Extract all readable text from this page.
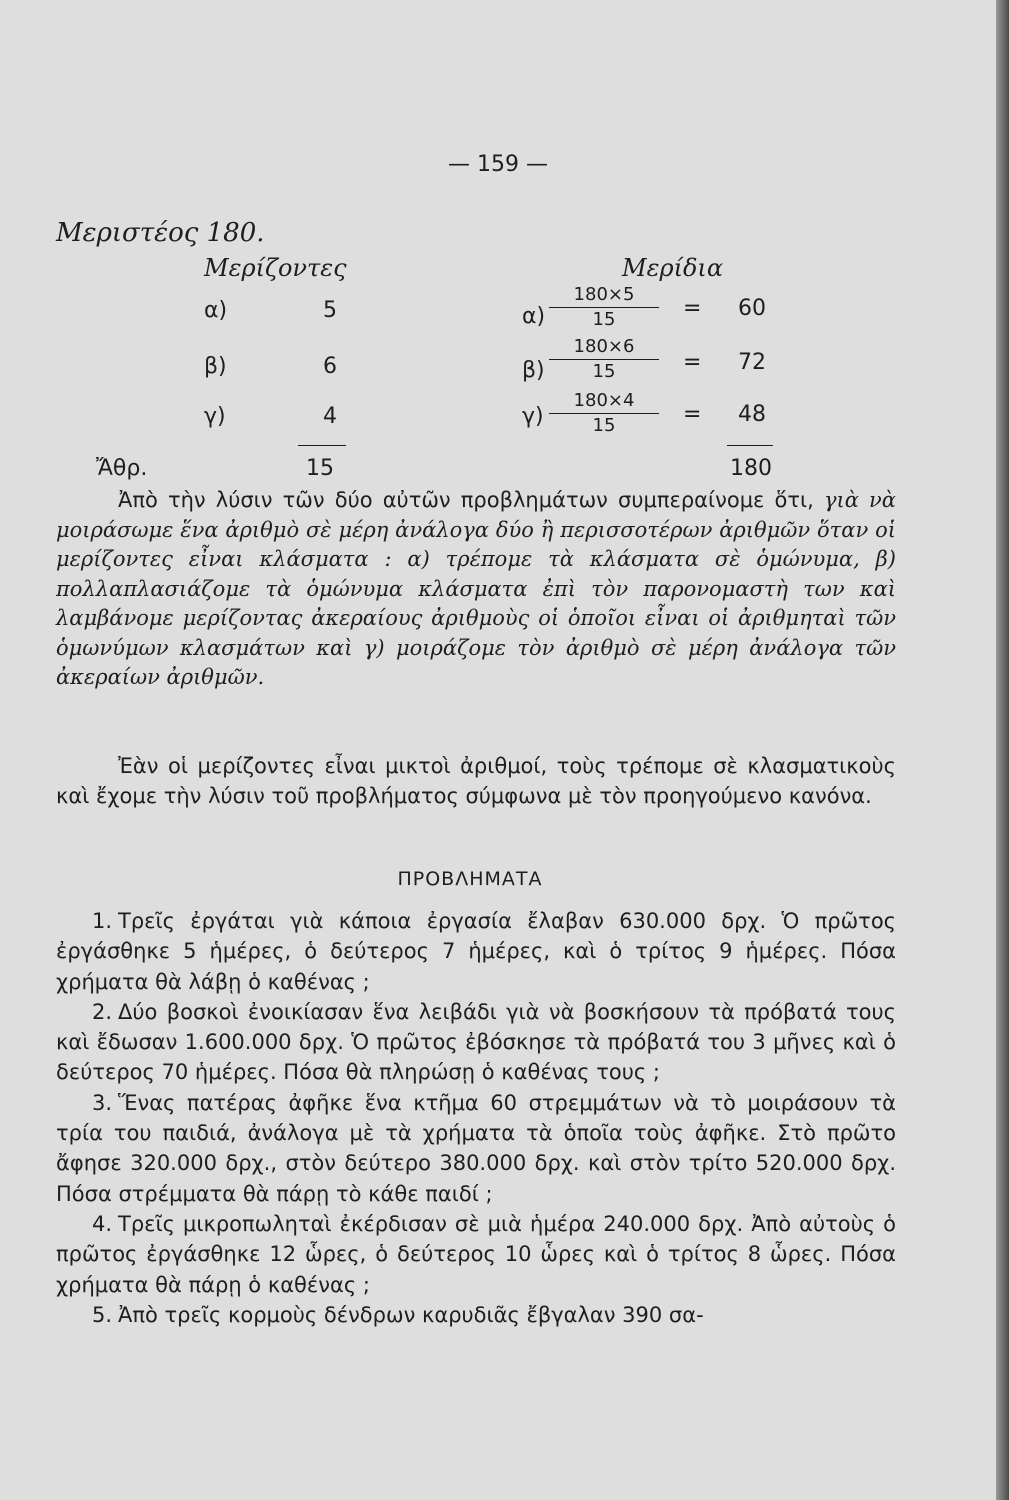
— 159 —
Μεριστέος 180.
Μερίζοντες	Μερίδια
α)	5	$\alpha) \frac{180\times 5}{15} = 60$
β)	6	$\beta) \frac{180\times 6}{15} = 72$
γ)	4	$\gamma) \frac{180\times 4}{15} = 48$
Ἄθρ.	15	180
Ἀπὸ τὴν λύσιν τῶν δύο αὐτῶν προβλημάτων συμπεραίνομε ὅτι, γιὰ νὰ μοιράσωμε ἕνα ἀριθμὸ σὲ μέρη ἀνάλογα δύο ἢ περισσοτέρων ἀριθμῶν ὅταν οἱ μερίζοντες εἶναι κλάσματα : α) τρέπομε τὰ κλάσματα σὲ ὁμώνυμα, β) πολλαπλασιάζομε τὰ ὁμώνυμα κλάσματα ἐπὶ τὸν παρονομαστὴ των καὶ λαμβάνομε μερίζοντας ἀκεραίους ἀριθμοὺς οἱ ὁποῖοι εἶναι οἱ ἀριθμηταὶ τῶν ὁμωνύμων κλασμάτων καὶ γ) μοιράζομε τὸν ἀριθμὸ σὲ μέρη ἀνάλογα τῶν ἀκεραίων ἀριθμῶν.
Ἐὰν οἱ μερίζοντες εἶναι μικτοὶ ἀριθμοί, τοὺς τρέπομε σὲ κλασματικοὺς καὶ ἔχομε τὴν λύσιν τοῦ προβλήματος σύμφωνα μὲ τὸν προηγούμενο κανόνα.
ΠΡΟΒΛΗΜΑΤΑ

1. Τρεῖς ἐργάται γιὰ κάποια ἐργασία ἔλαβαν 630.000 δρχ. Ὁ πρῶτος ἐργάσθηκε 5 ἡμέρες, ὁ δεύτερος 7 ἡμέρες, καὶ ὁ τρίτος 9 ἡμέρες. Πόσα χρήματα θὰ λάβῃ ὁ καθένας ;

2. Δύο βοσκοὶ ἐνοικίασαν ἕνα λειβάδι γιὰ νὰ βοσκήσουν τὰ πρόβατά τους καὶ ἔδωσαν 1.600.000 δρχ. Ὁ πρῶτος ἐβόσκησε τὰ πρόβατά του 3 μῆνες καὶ ὁ δεύτερος 70 ἡμέρες. Πόσα θὰ πληρώσῃ ὁ καθένας τους ;

3. Ἕνας πατέρας ἀφῆκε ἕνα κτῆμα 60 στρεμμάτων νὰ τὸ μοιράσουν τὰ τρία του παιδιά, ἀνάλογα μὲ τὰ χρήματα τὰ ὁποῖα τοὺς ἀφῆκε. Στὸ πρῶτο ἄφησε 320.000 δρχ., στὸν δεύτερο 380.000 δρχ. καὶ στὸν τρίτο 520.000 δρχ. Πόσα στρέμματα θὰ πάρῃ τὸ κάθε παιδί ;

4. Τρεῖς μικροπωληταὶ ἐκέρδισαν σὲ μιὰ ἡμέρα 240.000 δρχ. Ἀπὸ αὐτοὺς ὁ πρῶτος ἐργάσθηκε 12 ὧρες, ὁ δεύτερος 10 ὧρες καὶ ὁ τρίτος 8 ὧρες. Πόσα χρήματα θὰ πάρῃ ὁ καθένας ;

5. Ἀπὸ τρεῖς κορμοὺς δένδρων καρυδιᾶς ἔβγαλαν 390 σα-
